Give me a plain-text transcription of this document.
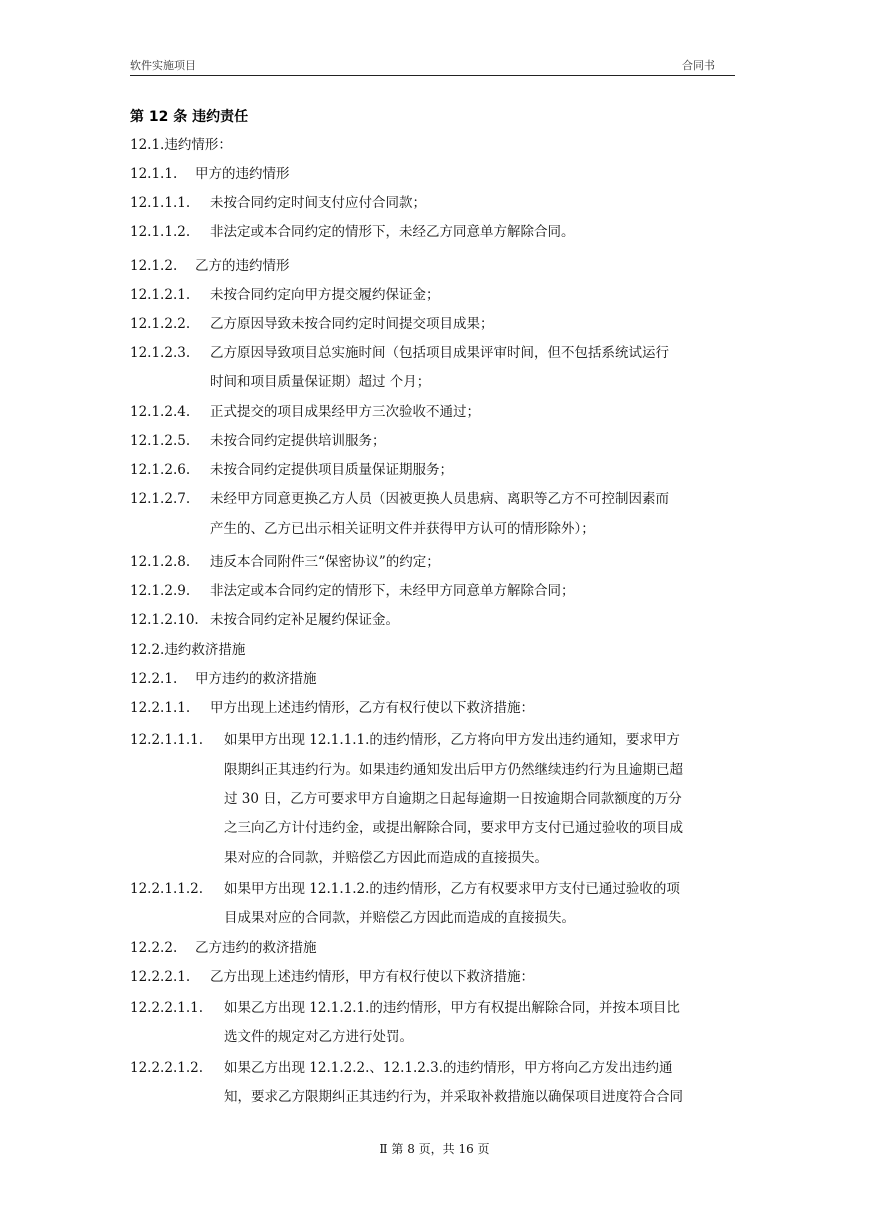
软件实施项目	合同书
第 12 条 违约责任
12.1.违约情形：
12.1.1. 甲方的违约情形
12.1.1.1. 未按合同约定时间支付应付合同款；
12.1.1.2. 非法定或本合同约定的情形下，未经乙方同意单方解除合同。
12.1.2. 乙方的违约情形
12.1.2.1. 未按合同约定向甲方提交履约保证金；
12.1.2.2. 乙方原因导致未按合同约定时间提交项目成果；
12.1.2.3. 乙方原因导致项目总实施时间（包括项目成果评审时间，但不包括系统试运行
时间和项目质量保证期）超过 个月；
12.1.2.4. 正式提交的项目成果经甲方三次验收不通过；
12.1.2.5. 未按合同约定提供培训服务；
12.1.2.6. 未按合同约定提供项目质量保证期服务；
12.1.2.7. 未经甲方同意更换乙方人员（因被更换人员患病、离职等乙方不可控制因素而
产生的、乙方已出示相关证明文件并获得甲方认可的情形除外）；
12.1.2.8. 违反本合同附件三“保密协议”的约定；
12.1.2.9. 非法定或本合同约定的情形下，未经甲方同意单方解除合同；
12.1.2.10. 未按合同约定补足履约保证金。
12.2.违约救济措施
12.2.1. 甲方违约的救济措施
12.2.1.1. 甲方出现上述违约情形，乙方有权行使以下救济措施：
12.2.1.1.1. 如果甲方出现 12.1.1.1.的违约情形，乙方将向甲方发出违约通知，要求甲方
限期纠正其违约行为。如果违约通知发出后甲方仍然继续违约行为且逾期已超
过 30 日，乙方可要求甲方自逾期之日起每逾期一日按逾期合同款额度的万分
之三向乙方计付违约金，或提出解除合同，要求甲方支付已通过验收的项目成
果对应的合同款，并赔偿乙方因此而造成的直接损失。
12.2.1.1.2. 如果甲方出现 12.1.1.2.的违约情形，乙方有权要求甲方支付已通过验收的项
目成果对应的合同款，并赔偿乙方因此而造成的直接损失。
12.2.2. 乙方违约的救济措施
12.2.2.1. 乙方出现上述违约情形，甲方有权行使以下救济措施：
12.2.2.1.1. 如果乙方出现 12.1.2.1.的违约情形，甲方有权提出解除合同，并按本项目比
选文件的规定对乙方进行处罚。
12.2.2.1.2. 如果乙方出现 12.1.2.2.、12.1.2.3.的违约情形，甲方将向乙方发出违约通
知，要求乙方限期纠正其违约行为，并采取补救措施以确保项目进度符合合同
Ⅱ 第 8 页，共 16 页
